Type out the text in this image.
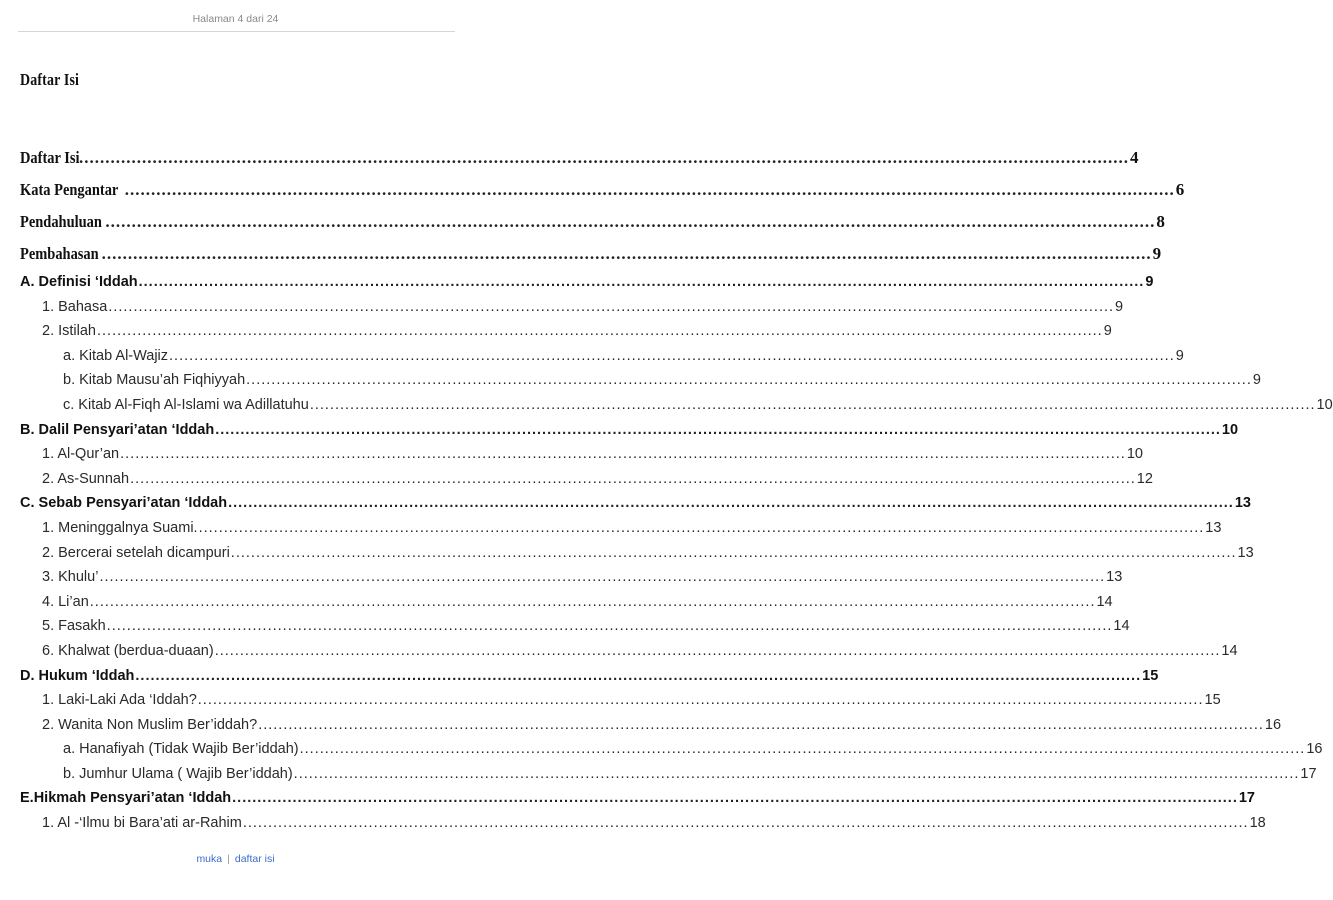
Halaman 4 dari 24
Daftar Isi
Daftar Isi ........................................................................................................................................................................................................ 4
Kata Pengantar ........................................................................................................................................................................................................ 6
Pendahuluan ........................................................................................................................................................................................................ 8
Pembahasan ........................................................................................................................................................................................................ 9
A. Definisi ‘Iddah ........................................................................................................................................................................................................ 9
1. Bahasa ........................................................................................................................................................................................................ 9
2. Istilah ........................................................................................................................................................................................................ 9
a. Kitab Al-Wajiz ........................................................................................................................................................................................................ 9
b. Kitab Mausu’ah Fiqhiyyah ........................................................................................................................................................................................................ 9
c. Kitab Al-Fiqh Al-Islami wa Adillatuhu ........................................................................................................................................................................................................ 10
B. Dalil Pensyari’atan ‘Iddah ........................................................................................................................................................................................................ 10
1. Al-Qur’an ........................................................................................................................................................................................................ 10
2. As-Sunnah ........................................................................................................................................................................................................ 12
C. Sebab Pensyari’atan ‘Iddah ........................................................................................................................................................................................................ 13
1. Meninggalnya Suami. ........................................................................................................................................................................................................ 13
2. Bercerai setelah dicampuri ........................................................................................................................................................................................................ 13
3. Khulu’ ........................................................................................................................................................................................................ 13
4. Li’an ........................................................................................................................................................................................................ 14
5. Fasakh ........................................................................................................................................................................................................ 14
6. Khalwat (berdua-duaan) ........................................................................................................................................................................................................ 14
D. Hukum ‘Iddah ........................................................................................................................................................................................................ 15
1. Laki-Laki Ada ‘Iddah? ........................................................................................................................................................................................................ 15
2. Wanita Non Muslim Ber’iddah? ........................................................................................................................................................................................................ 16
a. Hanafiyah (Tidak Wajib Ber’iddah) ........................................................................................................................................................................................................ 16
b. Jumhur Ulama ( Wajib Ber’iddah) ........................................................................................................................................................................................................ 17
E.Hikmah Pensyari’atan ‘Iddah ........................................................................................................................................................................................................ 17
1. Al -‘Ilmu bi Bara’ati ar-Rahim ........................................................................................................................................................................................................ 18
muka | daftar isi
